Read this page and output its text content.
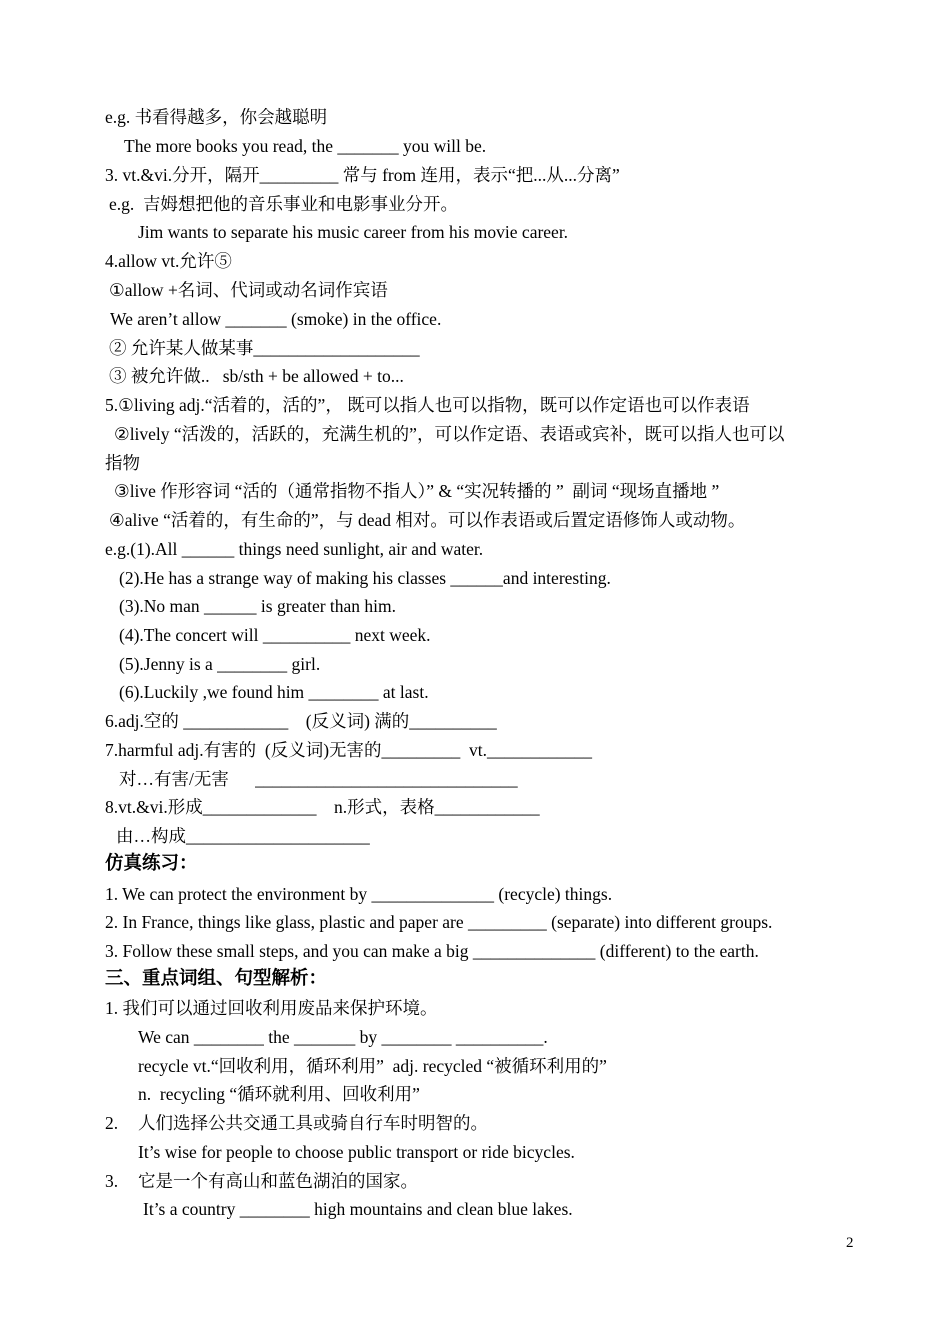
e.g. 书看得越多，你会越聪明
The more books you read, the _______ you will be.
3. vt.&vi.分开，隔开_________ 常与 from 连用，表示“把...从...分离”
e.g.  吉姆想把他的音乐事业和电影事业分开。
Jim wants to separate his music career from his movie career.
4.allow vt.允许⑤
①allow +名词、代词或动名词作宾语
We aren’t allow _______ (smoke) in the office.
② 允许某人做某事___________________
③ 被允许做..   sb/sth + be allowed + to...
5.①living adj.“活着的，活的”， 既可以指人也可以指物，既可以作定语也可以作表语
②lively “活泼的，活跃的，充满生机的”，可以作定语、表语或宾补，既可以指人也可以
指物
③live 作形容词 “活的（通常指物不指人）” & “实况转播的 ”  副词 “现场直播地 ”
④alive “活着的，有生命的”，与 dead 相对。可以作表语或后置定语修饰人或动物。
e.g.(1).All ______ things need sunlight, air and water.
(2).He has a strange way of making his classes ______and interesting.
(3).No man ______ is greater than him.
(4).The concert will __________ next week.
(5).Jenny is a ________ girl.
(6).Luckily ,we found him ________ at last.
6.adj.空的 ____________    (反义词) 满的__________
7.harmful adj.有害的  (反义词)无害的_________  vt.____________
对…有害/无害      ______________________________
8.vt.&vi.形成_____________    n.形式，表格____________
由…构成_____________________
仿真练习：
1. We can protect the environment by ______________ (recycle) things.
2. In France, things like glass, plastic and paper are _________ (separate) into different groups.
3. Follow these small steps, and you can make a big ______________ (different) to the earth.
三、重点词组、句型解析：
1. 我们可以通过回收利用废品来保护环境。
We can ________ the _______ by ________ __________.
recycle vt.“回收利用，循环利用”  adj. recycled “被循环利用的”
n.  recycling “循环就利用、回收利用”
2. 人们选择公共交通工具或骑自行车时明智的。
It’s wise for people to choose public transport or ride bicycles.
3. 它是一个有高山和蓝色湖泊的国家。
It’s a country ________ high mountains and clean blue lakes.
2
